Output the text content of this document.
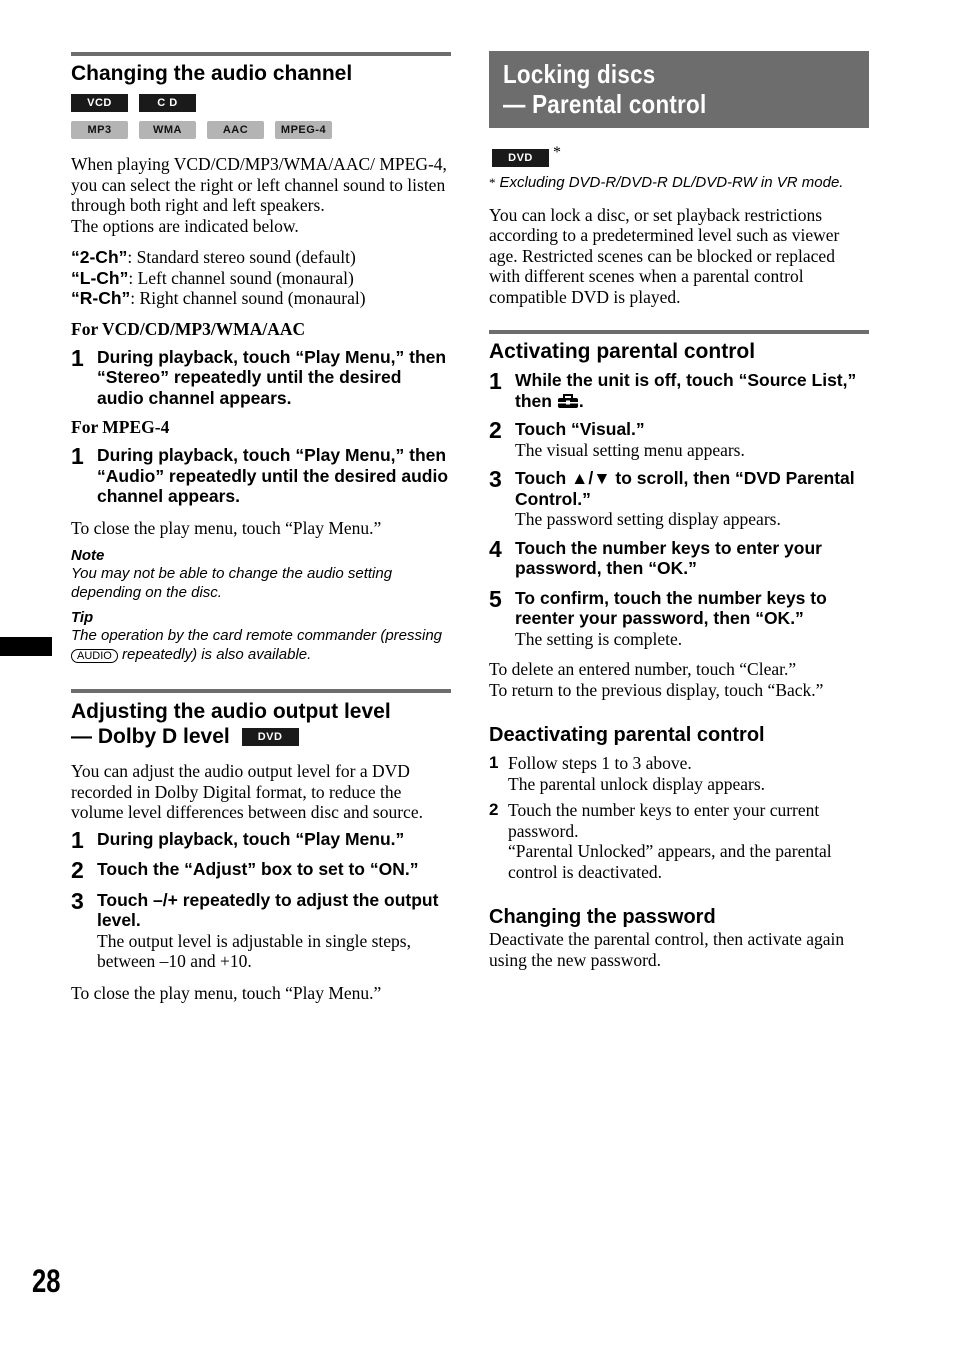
Changing the audio channel
VCD	C D
MP3	WMA	AAC	MPEG-4

When playing VCD/CD/MP3/WMA/AAC/ MPEG-4, you can select the right or left channel sound to listen through both right and left speakers.

The options are indicated below.

“2-Ch”: Standard stereo sound (default)
“L-Ch”: Left channel sound (monaural)
“R-Ch”: Right channel sound (monaural)
For VCD/CD/MP3/WMA/AAC
1 During playback, touch “Play Menu,” then “Stereo” repeatedly until the desired audio channel appears.
For MPEG-4
1 During playback, touch “Play Menu,” then “Audio” repeatedly until the desired audio channel appears.

To close the play menu, touch “Play Menu.”

Note
You may not be able to change the audio setting depending on the disc.
Tip
The operation by the card remote commander (pressing AUDIO repeatedly) is also available.
Adjusting the audio output level
— Dolby D level	DVD

You can adjust the audio output level for a DVD recorded in Dolby Digital format, to reduce the volume level differences between disc and source.

1 During playback, touch “Play Menu.”
2 Touch the “Adjust” box to set to “ON.”
3 Touch –/+ repeatedly to adjust the output level.
The output level is adjustable in single steps, between –10 and +10.

To close the play menu, touch “Play Menu.”

Locking discs
— Parental control
DVD *
* Excluding DVD-R/DVD-R DL/DVD-RW in VR mode.

You can lock a disc, or set playback restrictions according to a predetermined level such as viewer age. Restricted scenes can be blocked or replaced with different scenes when a parental control compatible DVD is played.

Activating parental control
1 While the unit is off, touch “Source List,” then .
2 Touch “Visual.”
The visual setting menu appears.
3 Touch ▲/▼ to scroll, then “DVD Parental Control.”
The password setting display appears.
4 Touch the number keys to enter your password, then “OK.”
5 To confirm, touch the number keys to reenter your password, then “OK.”
The setting is complete.

To delete an entered number, touch “Clear.”

To return to the previous display, touch “Back.”

Deactivating parental control
1 Follow steps 1 to 3 above.
The parental unlock display appears.
2 Touch the number keys to enter your current password.
“Parental Unlocked” appears, and the parental control is deactivated.
Changing the password

Deactivate the parental control, then activate again using the new password.

28
